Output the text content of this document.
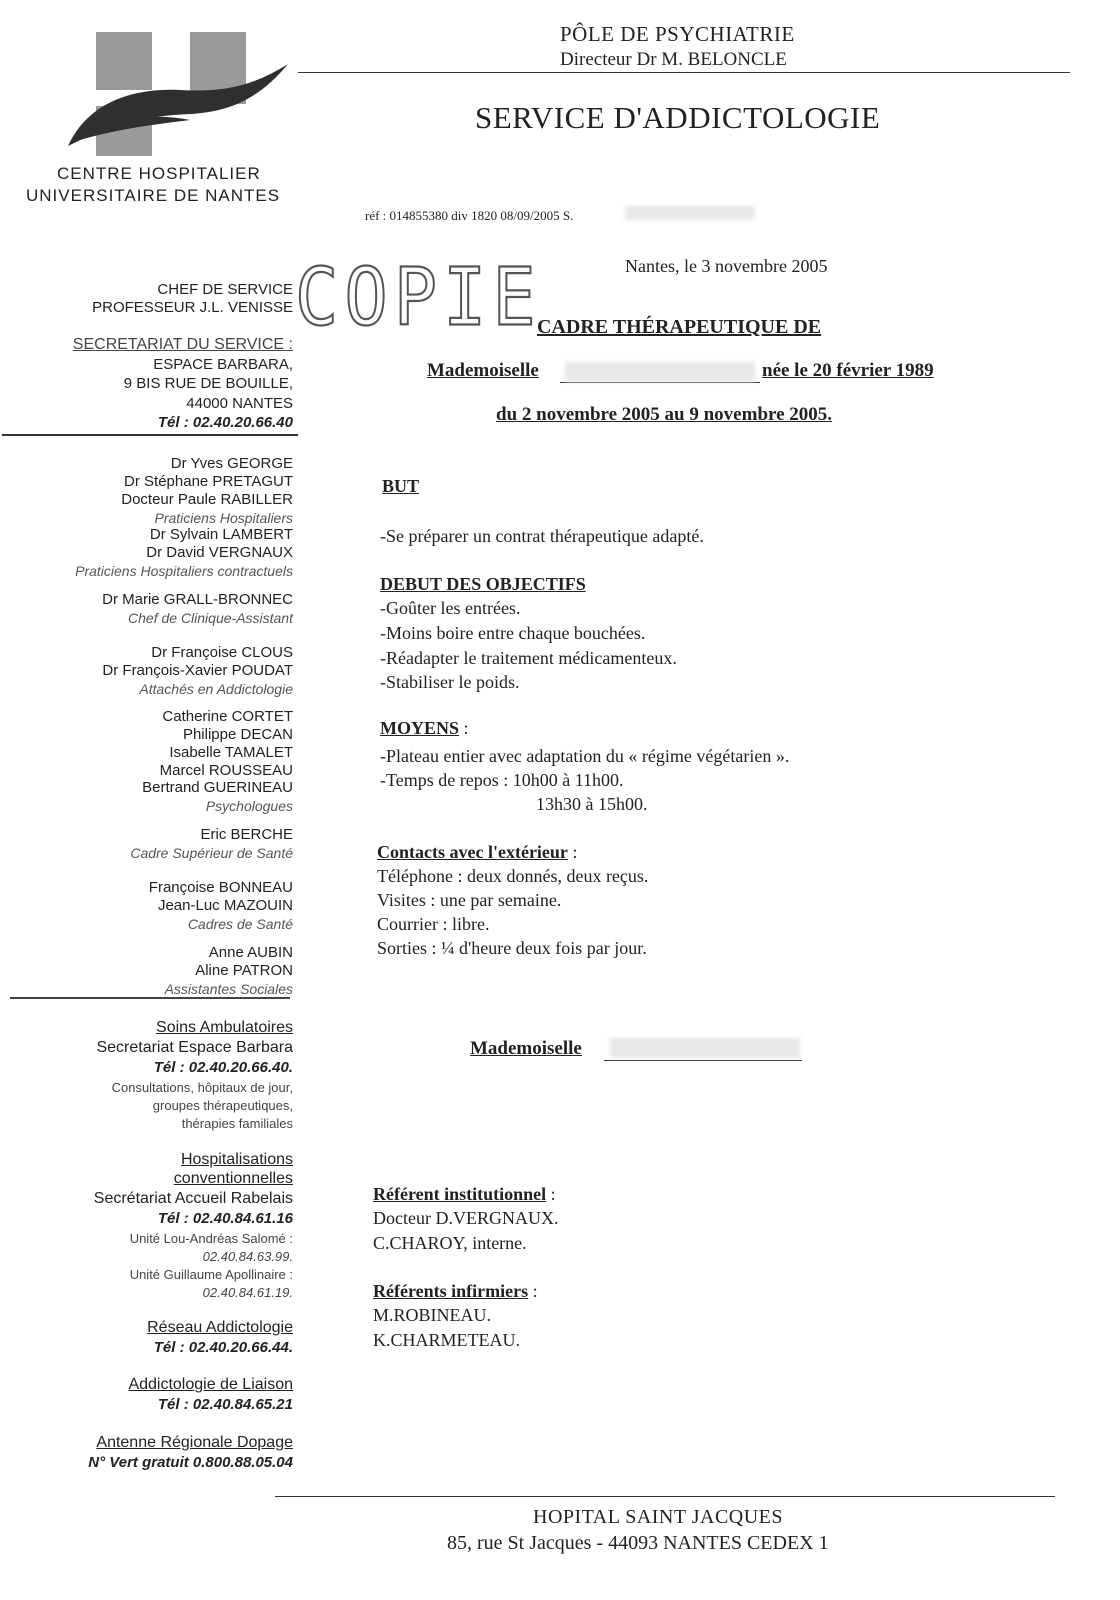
PÔLE DE PSYCHIATRIE
Directeur Dr M. BELONCLE
SERVICE D'ADDICTOLOGIE
réf : 014855380 div 1820 08/09/2005 S.
CENTRE HOSPITALIER
UNIVERSITAIRE DE NANTES
CHEF DE SERVICE
PROFESSEUR J.L. VENISSE
SECRETARIAT DU SERVICE :
ESPACE BARBARA,
9 BIS RUE DE BOUILLE,
44000 NANTES
Tél : 02.40.20.66.40
Dr Yves GEORGE
Dr Stéphane PRETAGUT
Docteur Paule RABILLER
Praticiens Hospitaliers
Dr Sylvain LAMBERT
Dr David VERGNAUX
Praticiens Hospitaliers contractuels
Dr Marie GRALL-BRONNEC
Chef de Clinique-Assistant
Dr Françoise CLOUS
Dr François-Xavier POUDAT
Attachés en Addictologie
Catherine CORTET
Philippe DECAN
Isabelle TAMALET
Marcel ROUSSEAU
Bertrand GUERINEAU
Psychologues
Eric BERCHE
Cadre Supérieur de Santé
Françoise BONNEAU
Jean-Luc MAZOUIN
Cadres de Santé
Anne AUBIN
Aline PATRON
Assistantes Sociales
Soins Ambulatoires
Secretariat Espace Barbara
Tél : 02.40.20.66.40.
Consultations, hôpitaux de jour,
groupes thérapeutiques,
thérapies familiales
Hospitalisations
conventionnelles
Secrétariat Accueil Rabelais
Tél : 02.40.84.61.16
Unité Lou-Andréas Salomé :
02.40.84.63.99.
Unité Guillaume Apollinaire :
02.40.84.61.19.
Réseau Addictologie
Tél : 02.40.20.66.44.
Addictologie de Liaison
Tél : 02.40.84.65.21
Antenne Régionale Dopage
N° Vert gratuit 0.800.88.05.04
COPIE	Nantes, le 3 novembre 2005
CADRE THÉRAPEUTIQUE DE
Mademoiselle	née le 20 février 1989
du 2 novembre 2005 au 9 novembre 2005.
BUT
-Se préparer un contrat thérapeutique adapté.
DEBUT DES OBJECTIFS
-Goûter les entrées.
-Moins boire entre chaque bouchées.
-Réadapter le traitement médicamenteux.
-Stabiliser le poids.
MOYENS :
-Plateau entier avec adaptation du « régime végétarien ».
-Temps de repos : 10h00 à 11h00.
13h30 à 15h00.
Contacts avec l'extérieur :
Téléphone : deux donnés, deux reçus.
Visites : une par semaine.
Courrier : libre.
Sorties : ¼ d'heure deux fois par jour.
Mademoiselle
Référent institutionnel :
Docteur D.VERGNAUX.
C.CHAROY, interne.
Référents infirmiers :
M.ROBINEAU.
K.CHARMETEAU.
HOPITAL SAINT JACQUES
85, rue St Jacques - 44093 NANTES CEDEX 1
